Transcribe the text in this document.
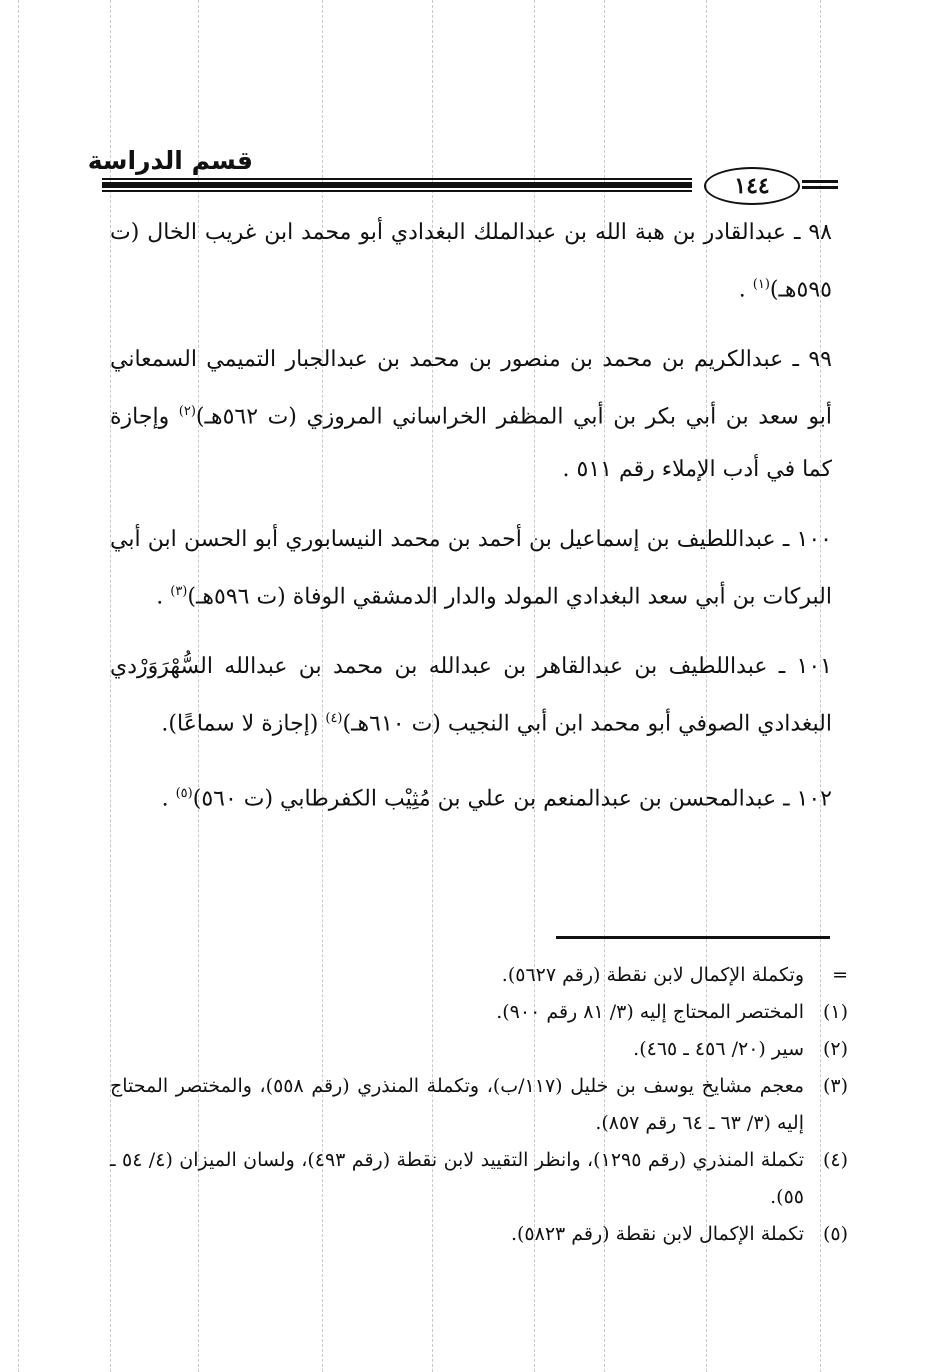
قسم الدراسة
١٤٤

٩٨ ـ عبدالقادر بن هبة الله بن عبدالملك البغدادي أبو محمد ابن غريب الخال (ت ٥٩٥هـ)$^{(١)}$ .

٩٩ ـ عبدالكريم بن محمد بن منصور بن محمد بن عبدالجبار التميمي السمعاني أبو سعد بن أبي بكر بن أبي المظفر الخراساني المروزي (ت ٥٦٢هـ)$^{(٢)}$ وإجازة كما في أدب الإملاء رقم ٥١١ .

١٠٠ ـ عبداللطيف بن إسماعيل بن أحمد بن محمد النيسابوري أبو الحسن ابن أبي البركات بن أبي سعد البغدادي المولد والدار الدمشقي الوفاة (ت ٥٩٦هـ)$^{(٣)}$ .

١٠١ ـ عبداللطيف بن عبدالقاهر بن عبدالله بن محمد بن عبدالله السُّهْرَوَرْدي البغدادي الصوفي أبو محمد ابن أبي النجيب (ت ٦١٠هـ)$^{(٤)}$ (إجازة لا سماعًا).

١٠٢ ـ عبدالمحسن بن عبدالمنعم بن علي بن مُثِيْب الكفرطابي (ت ٥٦٠)$^{(٥)}$ .

=
وتكملة الإكمال لابن نقطة (رقم ٥٦٢٧).
(١)
المختصر المحتاج إليه (٣/ ٨١ رقم ٩٠٠).
(٢)
سير (٢٠/ ٤٥٦ ـ ٤٦٥).
(٣)
معجم مشايخ يوسف بن خليل (١١٧/ب)، وتكملة المنذري (رقم ٥٥٨)، والمختصر المحتاج إليه (٣/ ٦٣ ـ ٦٤ رقم ٨٥٧).
(٤)
تكملة المنذري (رقم ١٢٩٥)، وانظر التقييد لابن نقطة (رقم ٤٩٣)، ولسان الميزان (٤/ ٥٤ ـ ٥٥).
(٥)
تكملة الإكمال لابن نقطة (رقم ٥٨٢٣).
